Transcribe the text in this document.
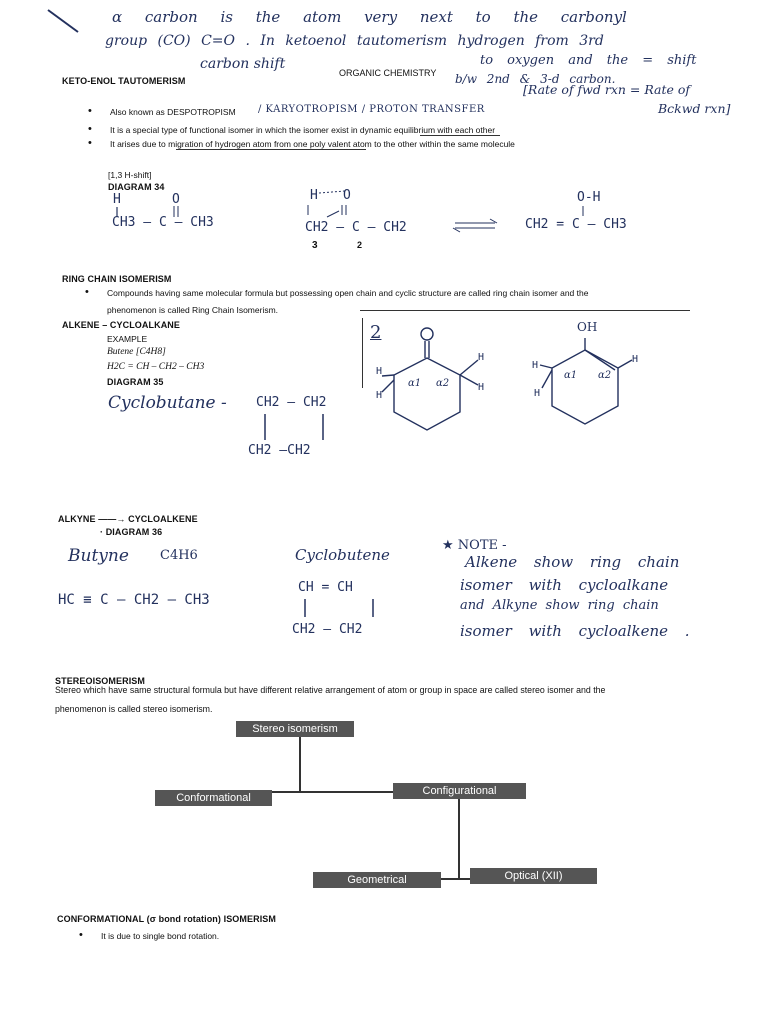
α carbon is the atom very next to the carbonyl
group (CO) C=O . In ketoenol tautomerism hydrogen from 3rd
carbon shift	to oxygen and the = shift
b/w 2nd & 3-d carbon.
[Rate of fwd rxn = Rate of
Bckwd rxn]
ORGANIC CHEMISTRY
KETO-ENOL TAUTOMERISM
• Also known as DESPOTROPISM / KARYOTROPISM / PROTON TRANSFER
• It is a special type of functional isomer in which the isomer exist in dynamic equilibrium with each other
• It arises due to migration of hydrogen atom from one poly valent atom to the other within the same molecule
[1,3 H-shift]
DIAGRAM 34
H	O	H O	O-H
CH3 – C – CH3	CH2 – C – CH2	CH2 = C – CH3
3	2
RING CHAIN ISOMERISM
• Compounds having same molecular formula but possessing open chain and cyclic structure are called ring chain isomer and the
phenomenon is called Ring Chain Isomerism.
ALKENE – CYCLOALKANE
EXAMPLE
Butene [C4H8]
H2C = CH – CH2 – CH3
DIAGRAM 35
Cyclobutane - CH2 — CH2
CH2 —CH2
2
H
H
H
H
H
H
H
α1 α2
α1 α2
OH
ALKYNE ——→ CYCLOALKENE
· DIAGRAM 36
Butyne C4H6
HC ≡ C – CH2 – CH3
Cyclobutene
CH = CH
CH2 — CH2
★ NOTE -
Alkene show ring chain
isomer with cycloalkane
and Alkyne show ring chain
isomer with cycloalkene .
STEREOISOMERISM
Stereo which have same structural formula but have different relative arrangement of atom or group in space are called stereo isomer and the
phenomenon is called stereo isomerism.
Stereo isomerism
Conformational
Configurational
Geometrical	Optical (XII)
CONFORMATIONAL (σ bond rotation) ISOMERISM
• It is due to single bond rotation.
